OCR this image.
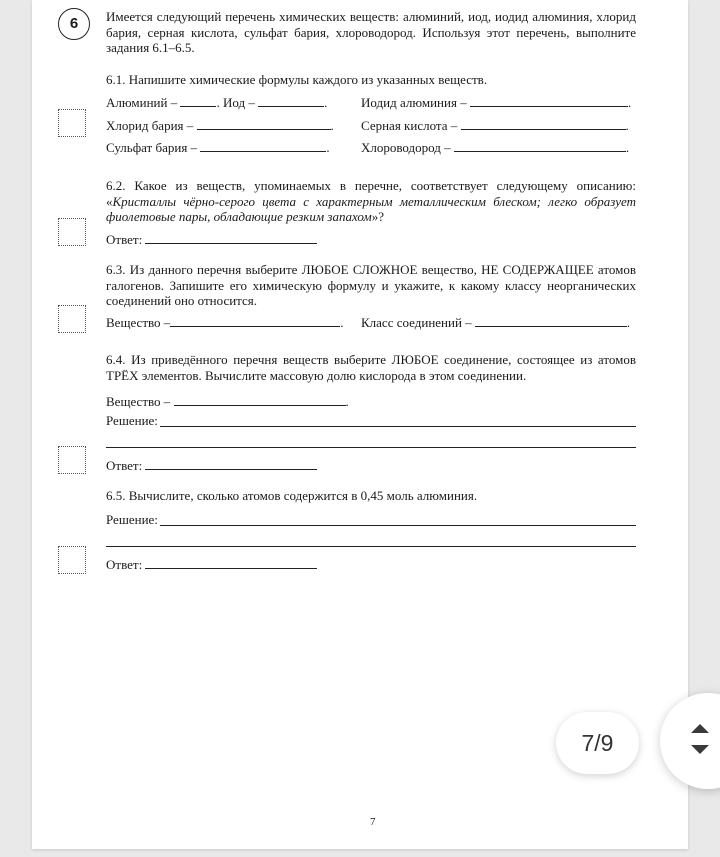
6	Имеется следующий перечень химических веществ: алюминий, иод, иодид алюминия, хлорид бария, серная кислота, сульфат бария, хлороводород. Используя этот перечень, выполните задания 6.1–6.5.
6.1. Напишите химические формулы каждого из указанных веществ.
Алюминий –	. Иод –	.	Иодид алюминия –	.
Хлорид бария –	. Серная кислота –	.
Сульфат бария –	. Хлороводород –	.
6.2. Какое из веществ, упоминаемых в перечне, соответствует следующему описанию: «Кристаллы чёрно-серого цвета с характерным металлическим блеском; легко образует фиолетовые пары, обладающие резким запахом»?
Ответ:
6.3. Из данного перечня выберите ЛЮБОЕ СЛОЖНОЕ вещество, НЕ СОДЕРЖАЩЕЕ атомов галогенов. Запишите его химическую формулу и укажите, к какому классу неорганических соединений оно относится.
Вещество –	. Класс соединений –	.
6.4. Из приведённого перечня веществ выберите ЛЮБОЕ соединение, состоящее из атомов ТРЁХ элементов. Вычислите массовую долю кислорода в этом соединении.
Вещество –	.
Решение:
Ответ:
6.5. Вычислите, сколько атомов содержится в 0,45 моль алюминия.
Решение:
Ответ:
7
7/9
